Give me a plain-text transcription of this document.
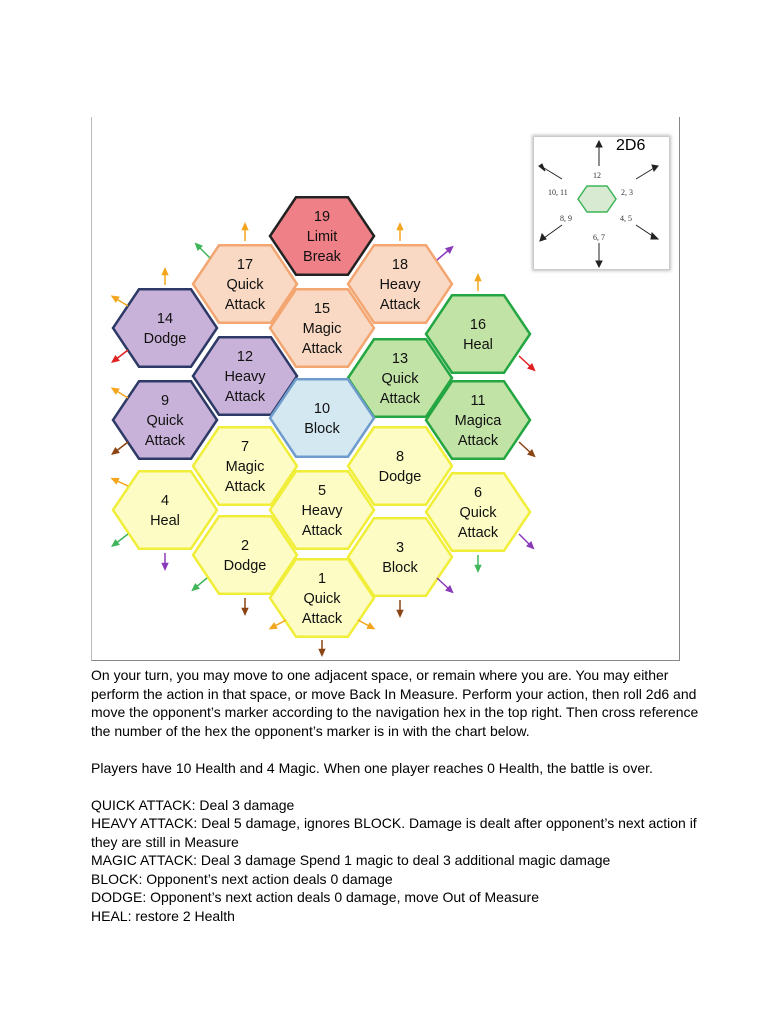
19
Limit
Break
17
Quick
Attack
18
Heavy
Attack
15
Magic
Attack
14
Dodge
16
Heal
12
Heavy
Attack
13
Quick
Attack
9
Quick
Attack
10
Block
11
Magica
Attack
7
Magic
Attack
8
Dodge
4
Heal
5
Heavy
Attack
6
Quick
Attack
2
Dodge
3
Block
1
Quick
Attack
2D6
12
10, 11	2, 3
8, 9	4, 5
6, 7

On your turn, you may move to one adjacent space, or remain where you are. You may either perform the action in that space, or move Back In Measure. Perform your action, then roll 2d6 and move the opponent’s marker according to the navigation hex in the top right. Then cross reference the number of the hex the opponent’s marker is in with the chart below.

Players have 10 Health and 4 Magic. When one player reaches 0 Health, the battle is over.

QUICK ATTACK: Deal 3 damage

HEAVY ATTACK: Deal 5 damage, ignores BLOCK. Damage is dealt after opponent’s next action if they are still in Measure

MAGIC ATTACK: Deal 3 damage Spend 1 magic to deal 3 additional magic damage

BLOCK: Opponent’s next action deals 0 damage

DODGE: Opponent’s next action deals 0 damage, move Out of Measure

HEAL: restore 2 Health
